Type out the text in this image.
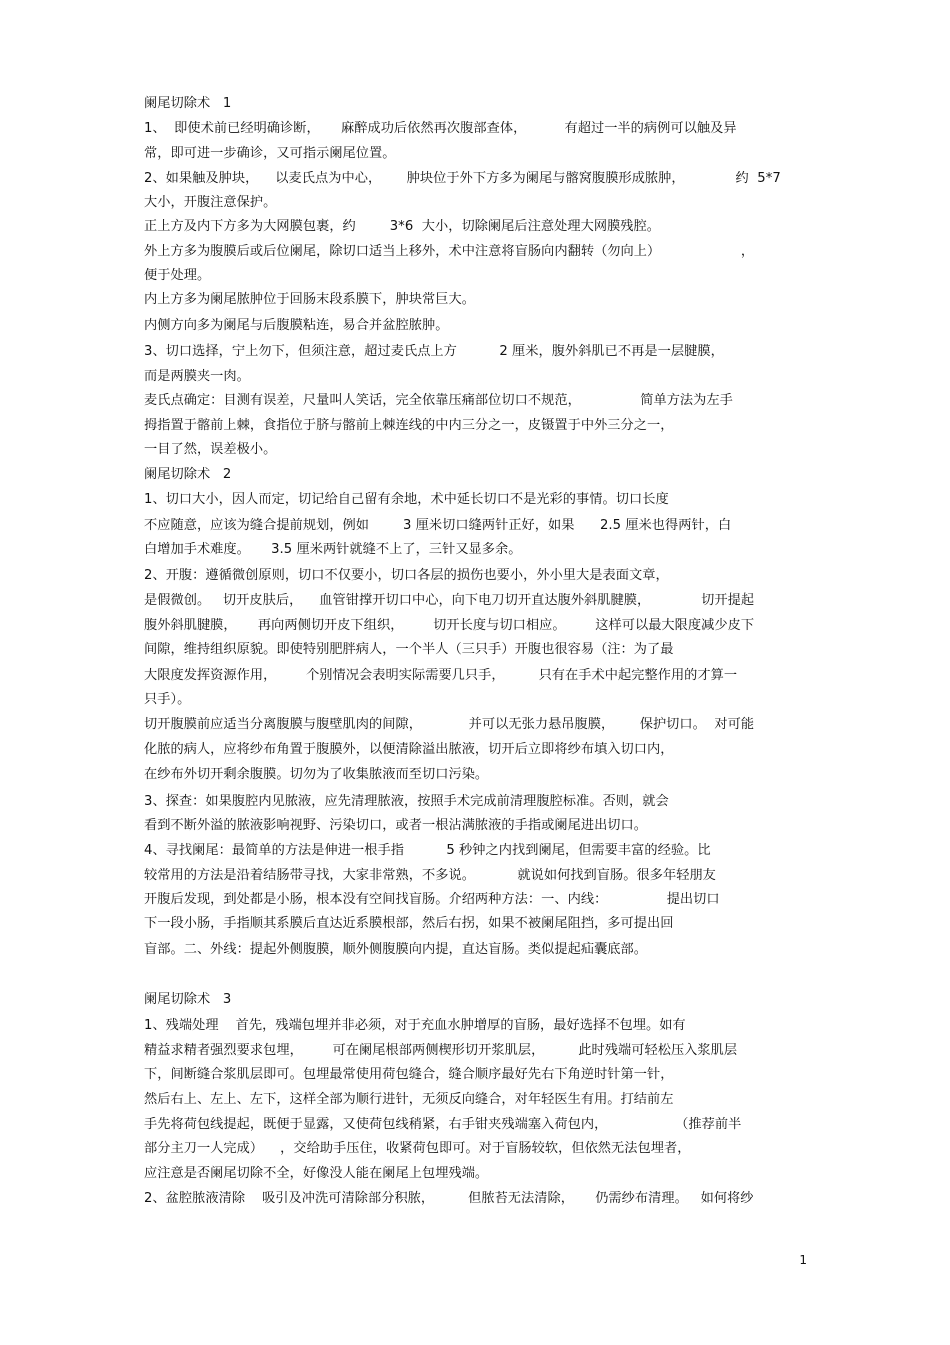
阑尾切除术   1
1、  即使术前已经明确诊断，     麻醉成功后依然再次腹部查体，         有超过一半的病例可以触及异
常，即可进一步确诊，又可指示阑尾位置。
2、如果触及肿块，    以麦氏点为中心，      肿块位于外下方多为阑尾与髂窝腹膜形成脓肿，            约  5*7
大小，开腹注意保护。
正上方及内下方多为大网膜包裹，约        3*6  大小，切除阑尾后注意处理大网膜残腔。
外上方多为腹膜后或后位阑尾，除切口适当上移外，术中注意将盲肠向内翻转（勿向上）                   ，
便于处理。
内上方多为阑尾脓肿位于回肠末段系膜下，肿块常巨大。
内侧方向多为阑尾与后腹膜粘连，易合并盆腔脓肿。
3、切口选择，宁上勿下，但须注意，超过麦氏点上方          2 厘米，腹外斜肌已不再是一层腱膜，
而是两膜夹一肉。
麦氏点确定：目测有误差，尺量叫人笑话，完全依靠压痛部位切口不规范，              简单方法为左手
拇指置于髂前上棘，食指位于脐与髂前上棘连线的中内三分之一，皮镊置于中外三分之一，
一目了然，误差极小。
阑尾切除术   2
1、切口大小，因人而定，切记给自己留有余地，术中延长切口不是光彩的事情。切口长度
不应随意，应该为缝合提前规划，例如        3 厘米切口缝两针正好，如果      2.5 厘米也得两针，白
白增加手术难度。     3.5 厘米两针就缝不上了，三针又显多余。
2、开腹：遵循微创原则，切口不仅要小，切口各层的损伤也要小，外小里大是表面文章，
是假微创。   切开皮肤后，    血管钳撑开切口中心，向下电刀切开直达腹外斜肌腱膜，            切开提起
腹外斜肌腱膜，     再向两侧切开皮下组织，       切开长度与切口相应。       这样可以最大限度减少皮下
间隙，维持组织原貌。即使特别肥胖病人，一个半人（三只手）开腹也很容易（注：为了最
大限度发挥资源作用，       个别情况会表明实际需要几只手，        只有在手术中起完整作用的才算一
只手）。
切开腹膜前应适当分离腹膜与腹壁肌肉的间隙，           并可以无张力悬吊腹膜，      保护切口。  对可能
化脓的病人，应将纱布角置于腹膜外，以便清除溢出脓液，切开后立即将纱布填入切口内，
在纱布外切开剩余腹膜。切勿为了收集脓液而至切口污染。
3、探查：如果腹腔内见脓液，应先清理脓液，按照手术完成前清理腹腔标准。否则，就会
看到不断外溢的脓液影响视野、污染切口，或者一根沾满脓液的手指或阑尾进出切口。
4、寻找阑尾：最简单的方法是伸进一根手指          5 秒钟之内找到阑尾，但需要丰富的经验。比
较常用的方法是沿着结肠带寻找，大家非常熟，不多说。          就说如何找到盲肠。很多年轻朋友
开腹后发现，到处都是小肠，根本没有空间找盲肠。介绍两种方法：一、内线：              提出切口
下一段小肠，手指顺其系膜后直达近系膜根部，然后右拐，如果不被阑尾阻挡，多可提出回
盲部。二、外线：提起外侧腹膜，顺外侧腹膜向内提，直达盲肠。类似提起疝囊底部。
阑尾切除术   3
1、残端处理    首先，残端包埋并非必须，对于充血水肿增厚的盲肠，最好选择不包埋。如有
精益求精者强烈要求包埋，       可在阑尾根部两侧楔形切开浆肌层，        此时残端可轻松压入浆肌层
下，间断缝合浆肌层即可。包埋最常使用荷包缝合，缝合顺序最好先右下角逆时针第一针，
然后右上、左上、左下，这样全部为顺行进针，无须反向缝合，对年轻医生有用。打结前左
手先将荷包线提起，既便于显露，又使荷包线稍紧，右手钳夹残端塞入荷包内，                （推荐前半
部分主刀一人完成）    ，交给助手压住，收紧荷包即可。对于盲肠较软，但依然无法包埋者，
应注意是否阑尾切除不全，好像没人能在阑尾上包埋残端。
2、盆腔脓液清除    吸引及冲洗可清除部分积脓，        但脓苔无法清除，     仍需纱布清理。   如何将纱
1
